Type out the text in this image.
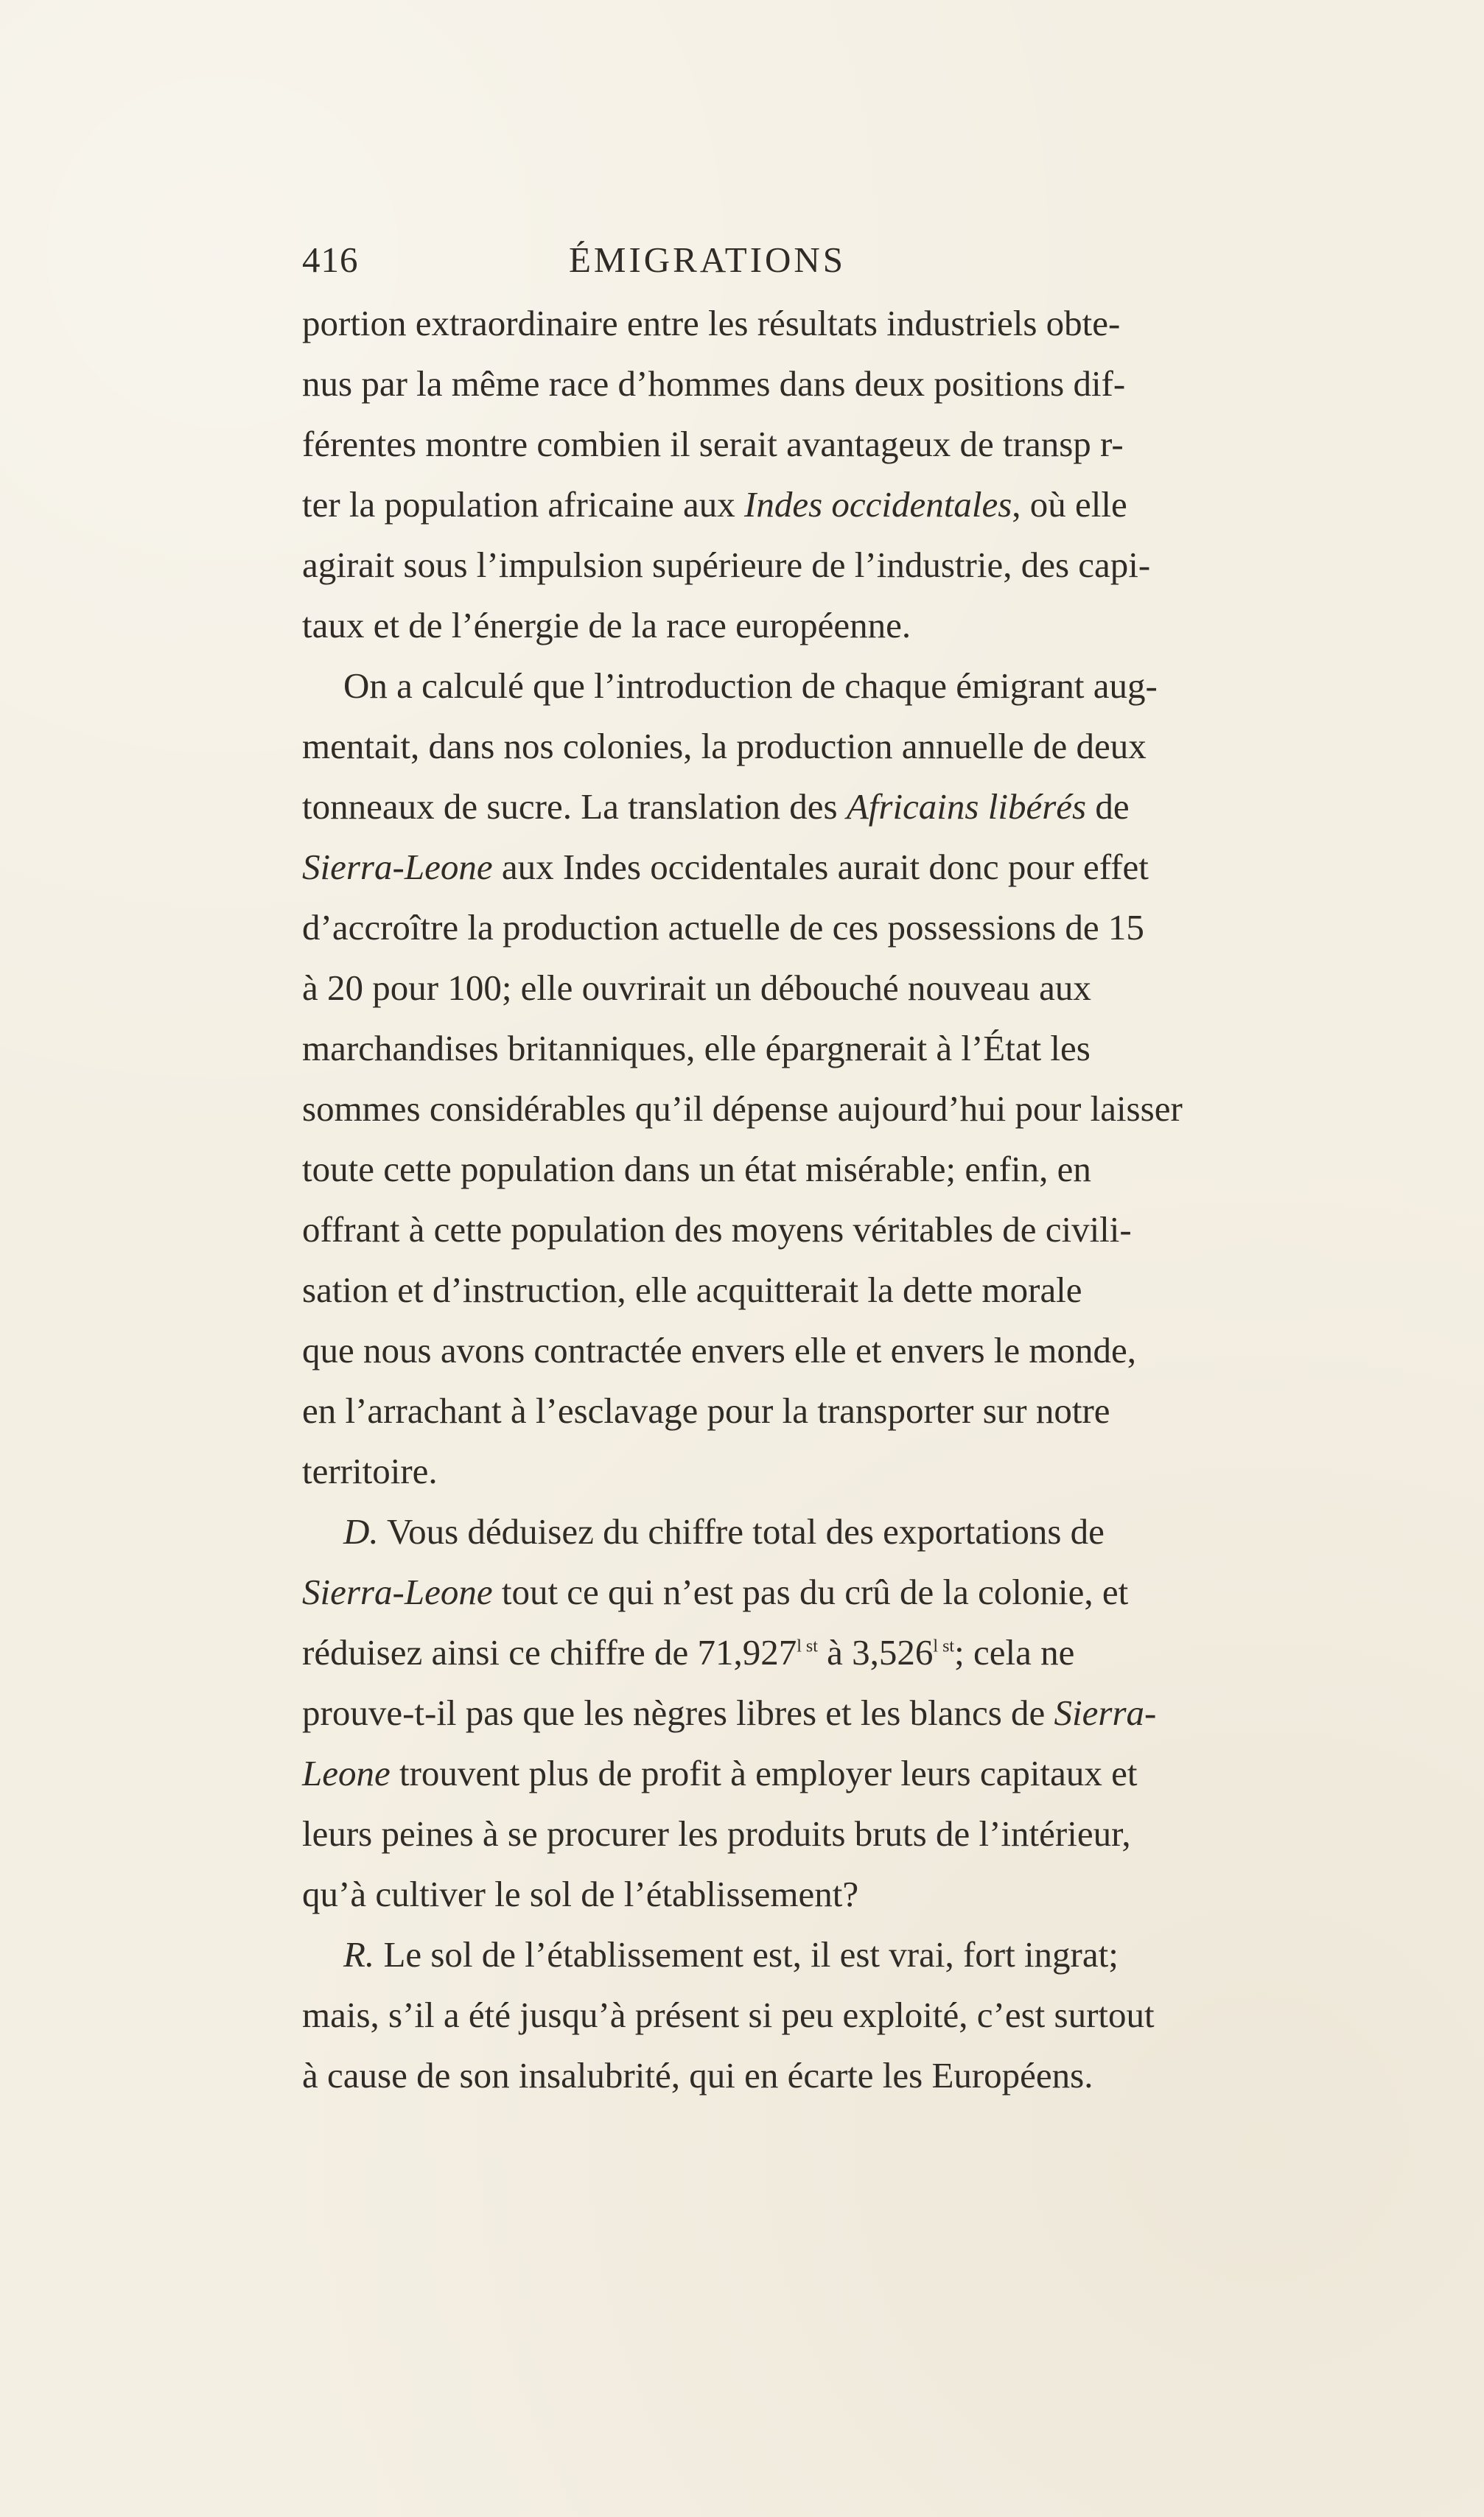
416	ÉMIGRATIONS
portion extraordinaire entre les résultats industriels obte-
nus par la même race d’hommes dans deux positions dif-
férentes montre combien il serait avantageux de transp r-
ter la population africaine aux Indes occidentales, où elle
agirait sous l’impulsion supérieure de l’industrie, des capi-
taux et de l’énergie de la race européenne.
On a calculé que l’introduction de chaque émigrant aug-
mentait, dans nos colonies, la production annuelle de deux
tonneaux de sucre. La translation des Africains libérés de
Sierra-Leone aux Indes occidentales aurait donc pour effet
d’accroître la production actuelle de ces possessions de 15
à 20 pour 100; elle ouvrirait un débouché nouveau aux
marchandises britanniques, elle épargnerait à l’État les
sommes considérables qu’il dépense aujourd’hui pour laisser
toute cette population dans un état misérable; enfin, en
offrant à cette population des moyens véritables de civili-
sation et d’instruction, elle acquitterait la dette morale
que nous avons contractée envers elle et envers le monde,
en l’arrachant à l’esclavage pour la transporter sur notre
territoire.
D. Vous déduisez du chiffre total des exportations de
Sierra-Leone tout ce qui n’est pas du crû de la colonie, et
réduisez ainsi ce chiffre de $71,927^{l st}$ à $3,526^{l st}$; cela ne
prouve-t-il pas que les nègres libres et les blancs de Sierra-
Leone trouvent plus de profit à employer leurs capitaux et
leurs peines à se procurer les produits bruts de l’intérieur,
qu’à cultiver le sol de l’établissement?
R. Le sol de l’établissement est, il est vrai, fort ingrat;
mais, s’il a été jusqu’à présent si peu exploité, c’est surtout
à cause de son insalubrité, qui en écarte les Européens.
